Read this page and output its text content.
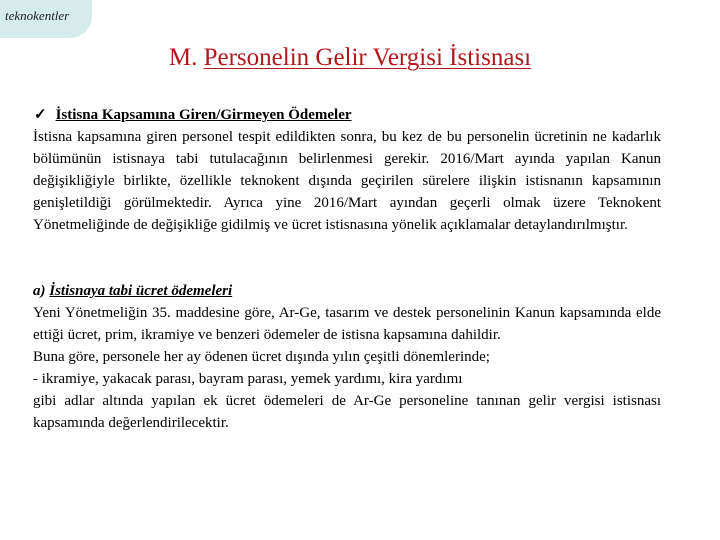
teknokentler
M. Personelin Gelir Vergisi İstisnası

✓ İstisna Kapsamına Giren/Girmeyen Ödemeler

İstisna kapsamına giren personel tespit edildikten sonra, bu kez de bu personelin ücretinin ne kadarlık bölümünün istisnaya tabi tutulacağının belirlenmesi gerekir. 2016/Mart ayında yapılan Kanun değişikliğiyle birlikte, özellikle teknokent dışında geçirilen sürelere ilişkin istisnanın kapsamının genişletildiği görülmektedir. Ayrıca yine 2016/Mart ayından geçerli olmak üzere Teknokent Yönetmeliğinde de değişikliğe gidilmiş ve ücret istisnasına yönelik açıklamalar detaylandırılmıştır.

a) İstisnaya tabi ücret ödemeleri

Yeni Yönetmeliğin 35. maddesine göre, Ar-Ge, tasarım ve destek personelinin Kanun kapsamında elde ettiği ücret, prim, ikramiye ve benzeri ödemeler de istisna kapsamına dahildir.

Buna göre, personele her ay ödenen ücret dışında yılın çeşitli dönemlerinde;

- ikramiye, yakacak parası, bayram parası, yemek yardımı, kira yardımı

gibi adlar altında yapılan ek ücret ödemeleri de Ar-Ge personeline tanınan gelir vergisi istisnası kapsamında değerlendirilecektir.
